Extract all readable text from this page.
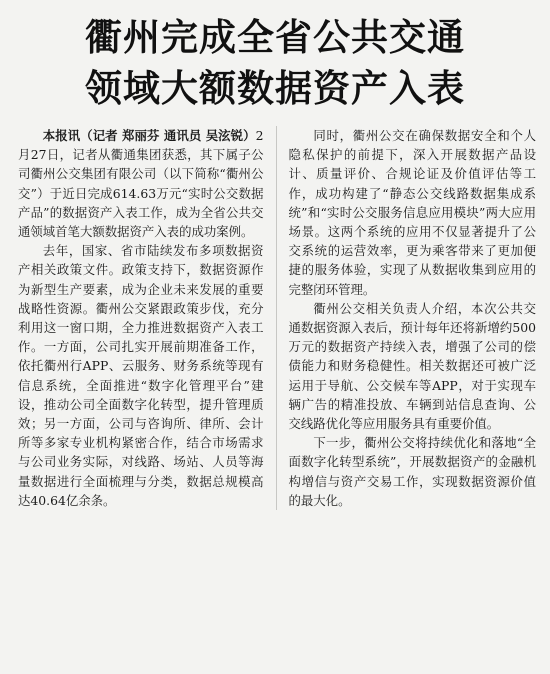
衢州完成全省公共交通
领域大额数据资产入表

本报讯（记者 郑丽芬 通讯员 吴泫锐）2月27日，记者从衢通集团获悉，其下属子公司衢州公交集团有限公司（以下简称“衢州公交”）于近日完成614.63万元“实时公交数据产品”的数据资产入表工作，成为全省公共交通领域首笔大额数据资产入表的成功案例。

去年，国家、省市陆续发布多项数据资产相关政策文件。政策支持下，数据资源作为新型生产要素，成为企业未来发展的重要战略性资源。衢州公交紧跟政策步伐，充分利用这一窗口期，全力推进数据资产入表工作。一方面，公司扎实开展前期准备工作，依托衢州行APP、云服务、财务系统等现有信息系统，全面推进“数字化管理平台”建设，推动公司全面数字化转型，提升管理质效；另一方面，公司与咨询所、律所、会计所等多家专业机构紧密合作，结合市场需求与公司业务实际，对线路、场站、人员等海量数据进行全面梳理与分类，数据总规模高达40.64亿余条。

同时，衢州公交在确保数据安全和个人隐私保护的前提下，深入开展数据产品设计、质量评价、合规论证及价值评估等工作，成功构建了“静态公交线路数据集成系统”和“实时公交服务信息应用模块”两大应用场景。这两个系统的应用不仅显著提升了公交系统的运营效率，更为乘客带来了更加便捷的服务体验，实现了从数据收集到应用的完整闭环管理。

衢州公交相关负责人介绍，本次公共交通数据资源入表后，预计每年还将新增约500万元的数据资产持续入表，增强了公司的偿债能力和财务稳健性。相关数据还可被广泛运用于导航、公交候车等APP，对于实现车辆广告的精准投放、车辆到站信息查询、公交线路优化等应用服务具有重要价值。

下一步，衢州公交将持续优化和落地“全面数字化转型系统”，开展数据资产的金融机构增信与资产交易工作，实现数据资源价值的最大化。
